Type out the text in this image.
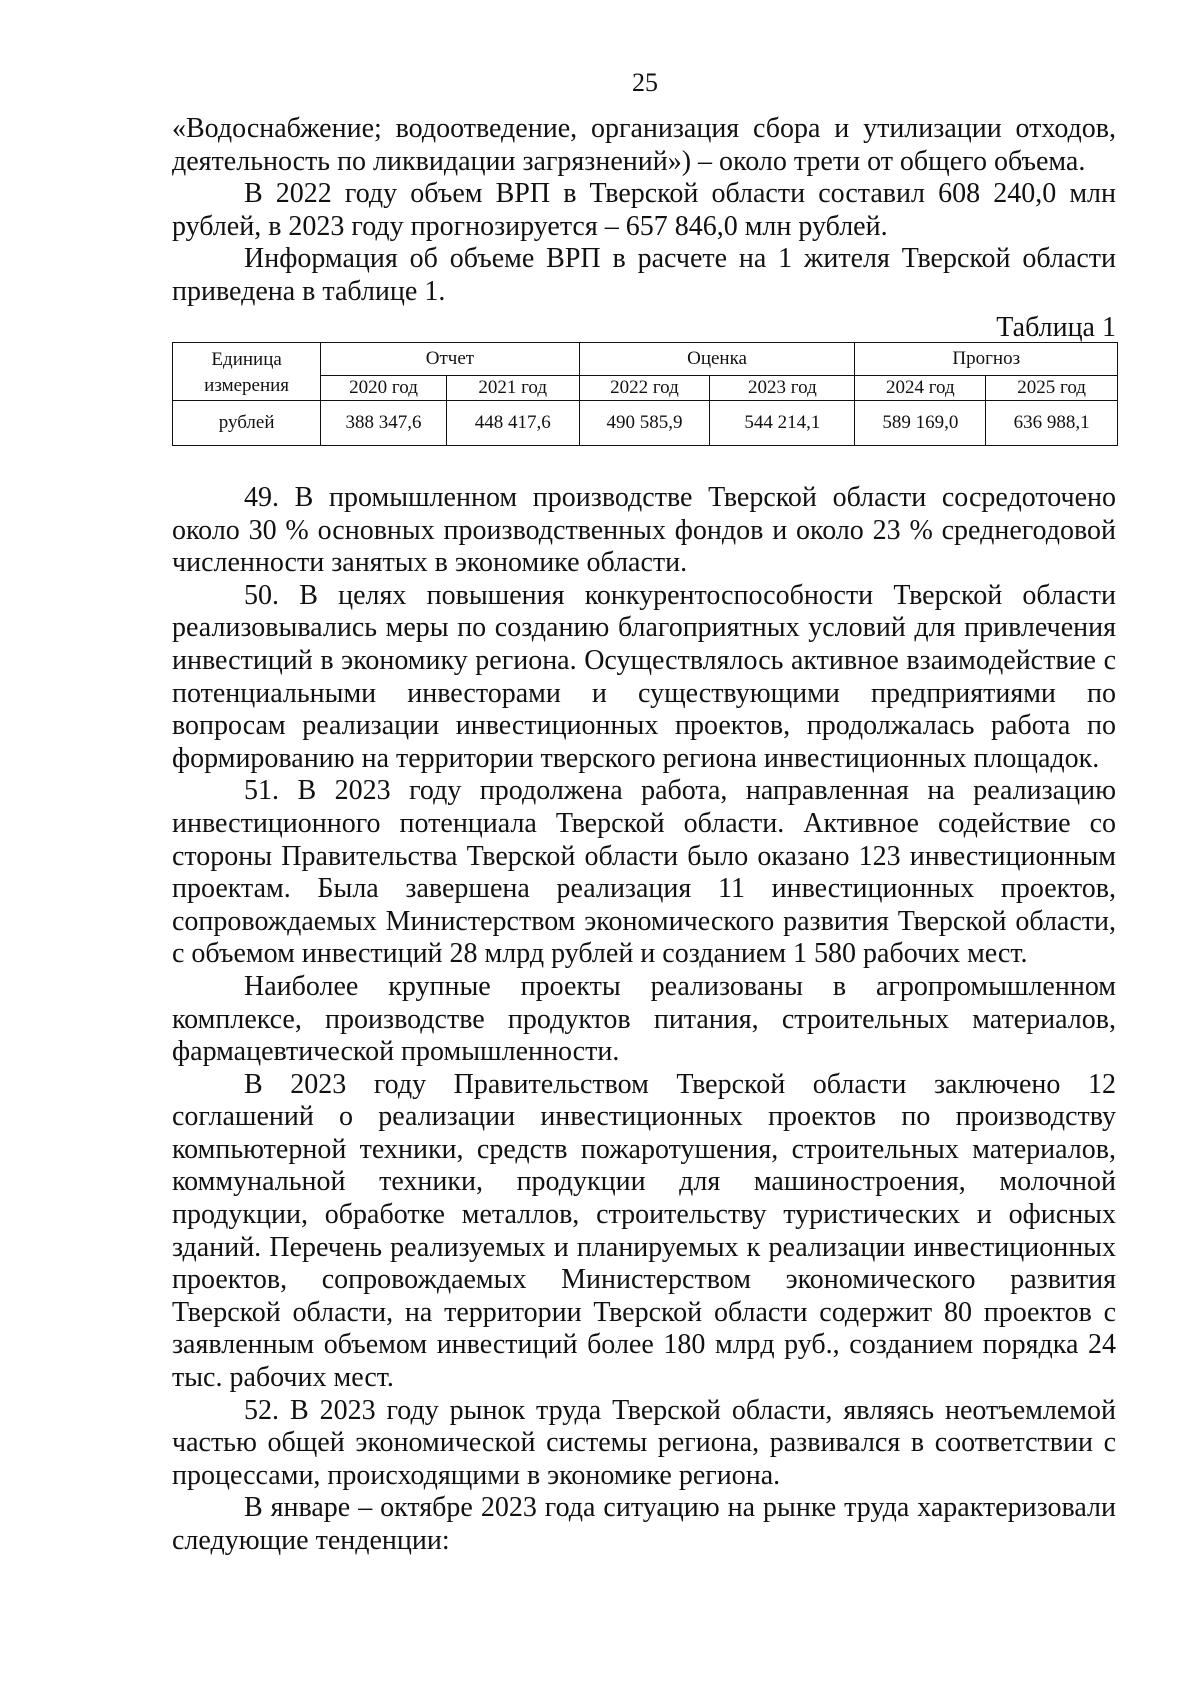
25

«Водоснабжение; водоотведение, организация сбора и утилизации отходов, деятельность по ликвидации загрязнений») – около трети от общего объема.

В 2022 году объем ВРП в Тверской области составил 608 240,0 млн рублей, в 2023 году прогнозируется – 657 846,0 млн рублей.

Информация об объеме ВРП в расчете на 1 жителя Тверской области приведена в таблице 1.

Таблица 1
Единица измерения	Отчет		Оценка		Прогноз	
	2020 год	2021 год	2022 год	2023 год	2024 год	2025 год
рублей	388 347,6	448 417,6	490 585,9	544 214,1	589 169,0	636 988,1

49. В промышленном производстве Тверской области сосредоточено около 30 % основных производственных фондов и около 23 % среднегодовой численности занятых в экономике области.

50. В целях повышения конкурентоспособности Тверской области реализовывались меры по созданию благоприятных условий для привлечения инвестиций в экономику региона. Осуществлялось активное взаимодействие с потенциальными инвесторами и существующими предприятиями по вопросам реализации инвестиционных проектов, продолжалась работа по формированию на территории тверского региона инвестиционных площадок.

51. В 2023 году продолжена работа, направленная на реализацию инвестиционного потенциала Тверской области. Активное содействие со стороны Правительства Тверской области было оказано 123 инвестиционным проектам. Была завершена реализация 11 инвестиционных проектов, сопровождаемых Министерством экономического развития Тверской области, с объемом инвестиций 28 млрд рублей и созданием 1 580 рабочих мест.

Наиболее крупные проекты реализованы в агропромышленном комплексе, производстве продуктов питания, строительных материалов, фармацевтической промышленности.

В 2023 году Правительством Тверской области заключено 12 соглашений о реализации инвестиционных проектов по производству компьютерной техники, средств пожаротушения, строительных материалов, коммунальной техники, продукции для машиностроения, молочной продукции, обработке металлов, строительству туристических и офисных зданий. Перечень реализуемых и планируемых к реализации инвестиционных проектов, сопровождаемых Министерством экономического развития Тверской области, на территории Тверской области содержит 80 проектов с заявленным объемом инвестиций более 180 млрд руб., созданием порядка 24 тыс. рабочих мест.

52. В 2023 году рынок труда Тверской области, являясь неотъемлемой частью общей экономической системы региона, развивался в соответствии с процессами, происходящими в экономике региона.

В январе – октябре 2023 года ситуацию на рынке труда характеризовали следующие тенденции:
